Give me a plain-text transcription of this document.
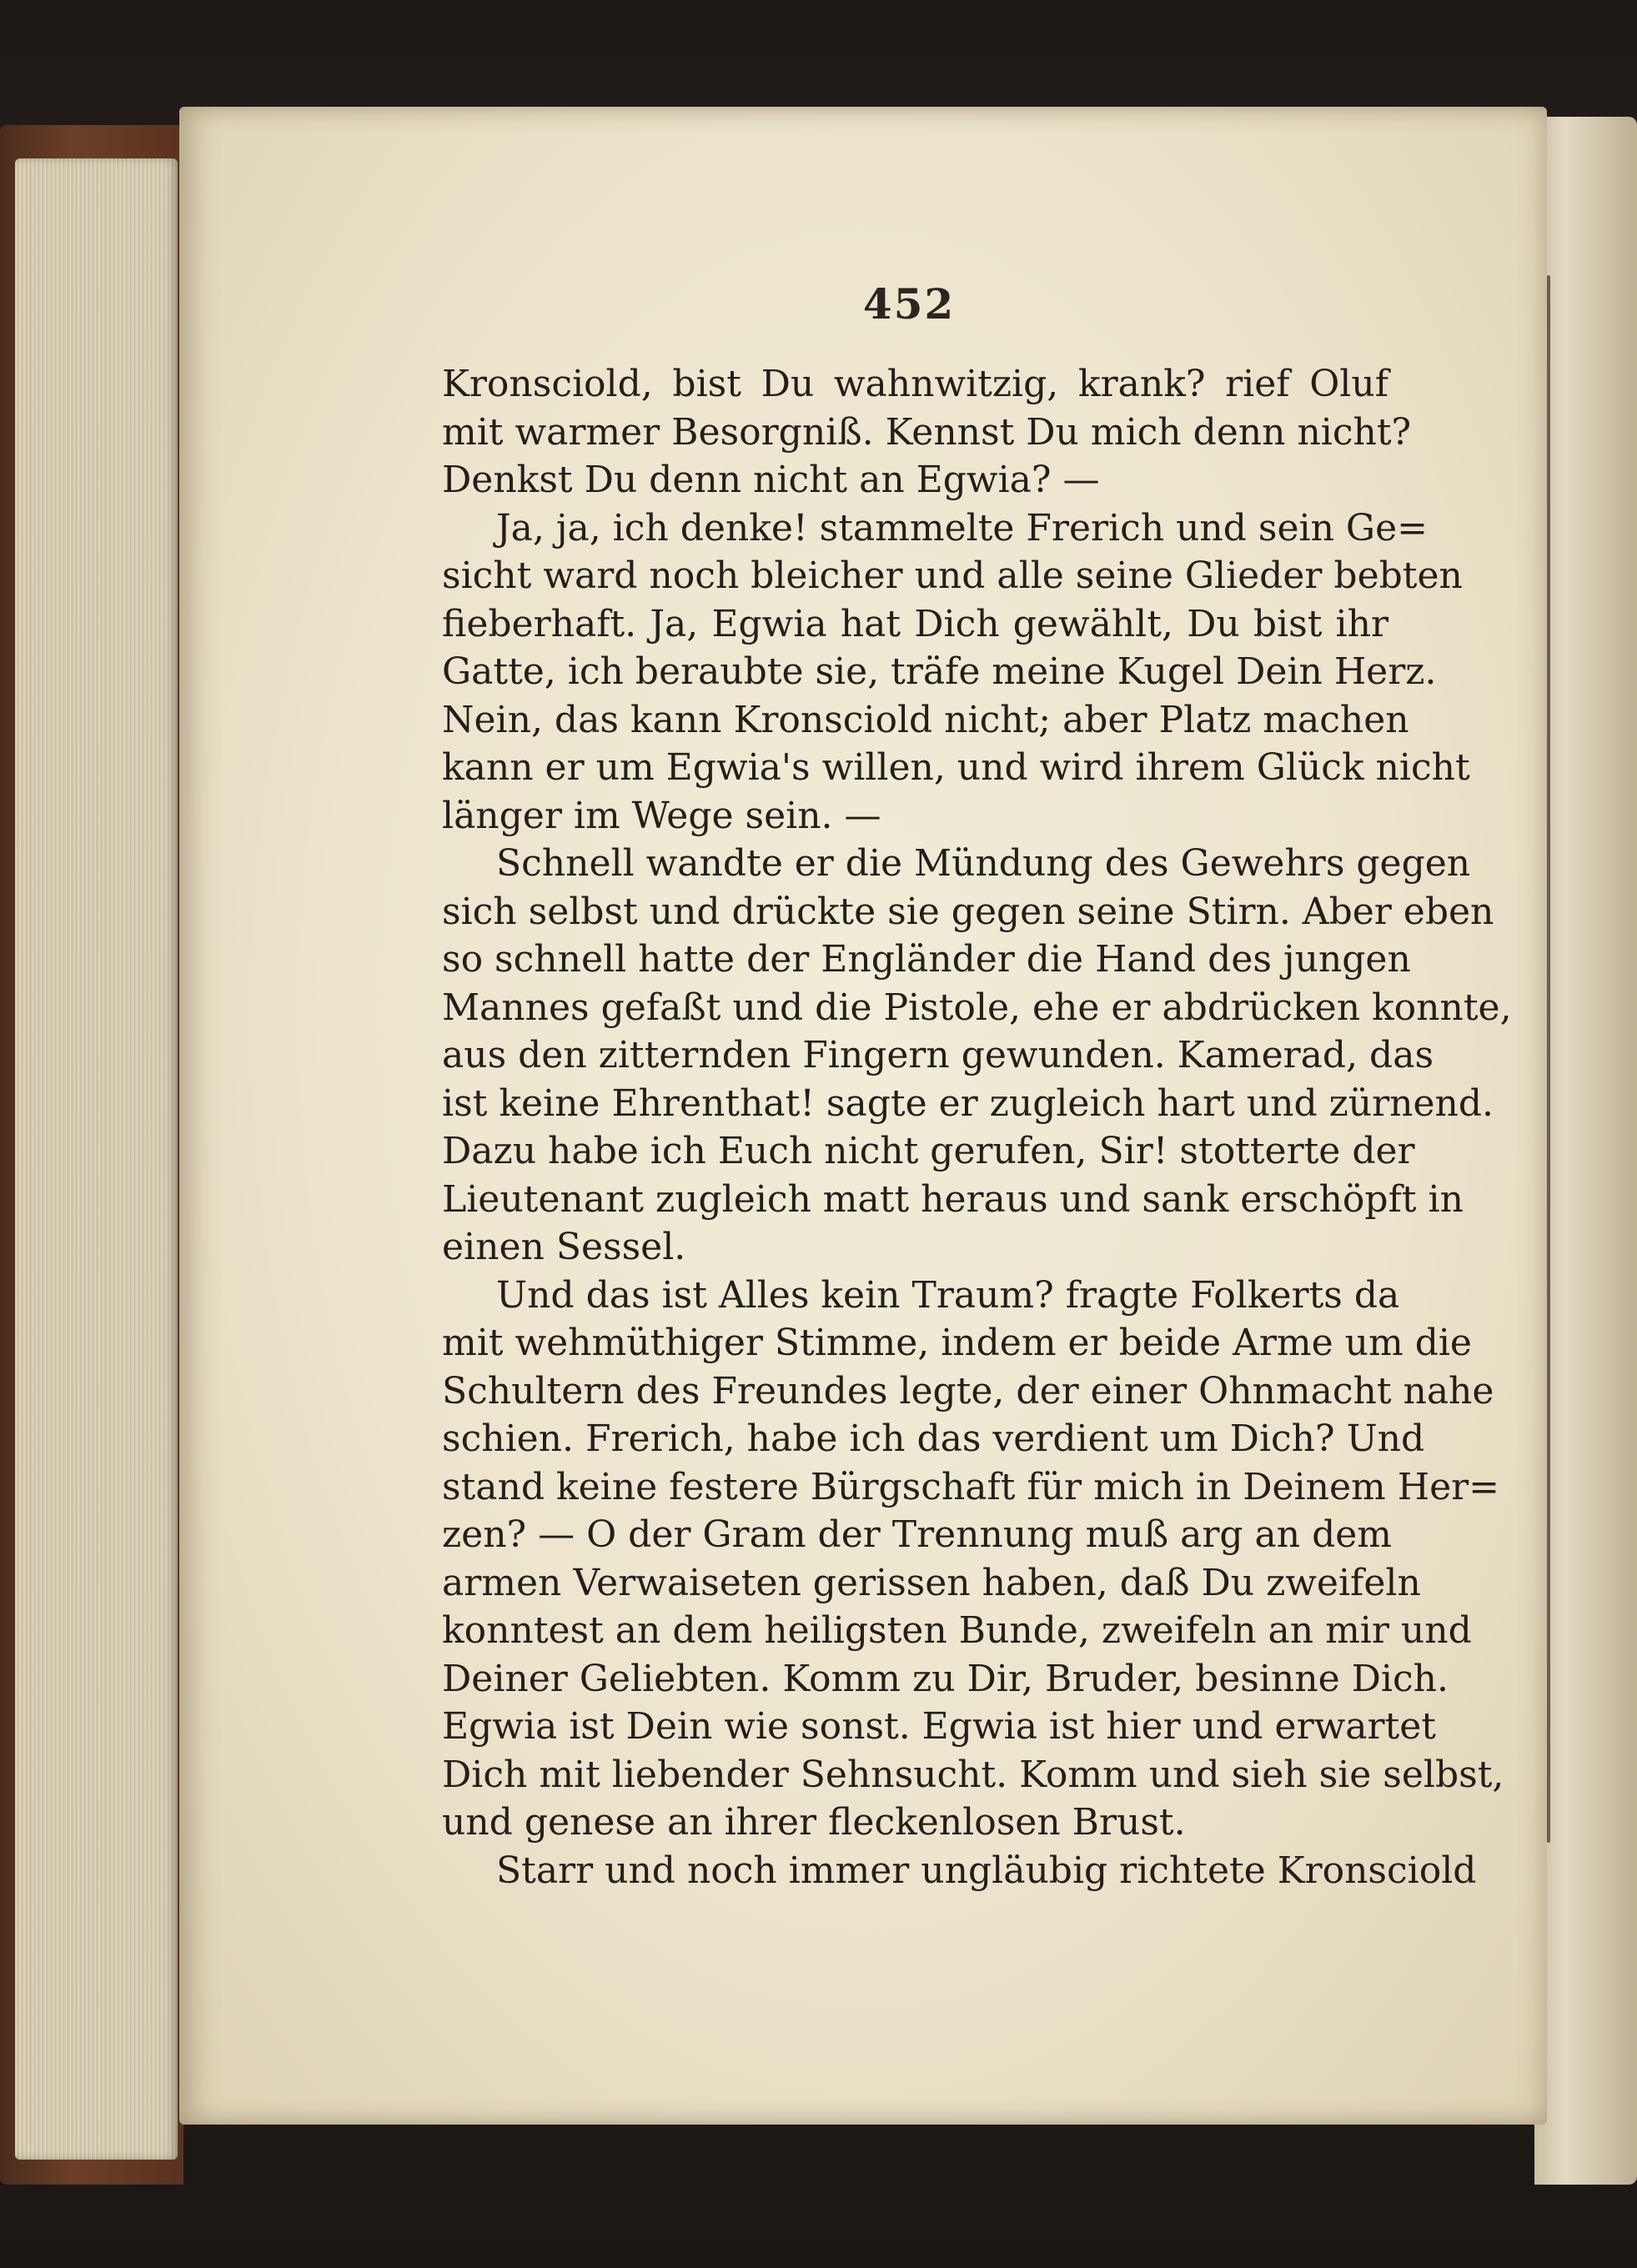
452
Kronsciold, bist Du wahnwitzig, krank? rief Oluf
mit warmer Besorgniß. Kennst Du mich denn nicht?
Denkst Du denn nicht an Egwia? —
Ja, ja, ich denke! stammelte Frerich und sein Ge=
sicht ward noch bleicher und alle seine Glieder bebten
fieberhaft. Ja, Egwia hat Dich gewählt, Du bist ihr
Gatte, ich beraubte sie, träfe meine Kugel Dein Herz.
Nein, das kann Kronsciold nicht; aber Platz machen
kann er um Egwia's willen, und wird ihrem Glück nicht
länger im Wege sein. —
Schnell wandte er die Mündung des Gewehrs gegen
sich selbst und drückte sie gegen seine Stirn. Aber eben
so schnell hatte der Engländer die Hand des jungen
Mannes gefaßt und die Pistole, ehe er abdrücken konnte,
aus den zitternden Fingern gewunden. Kamerad, das
ist keine Ehrenthat! sagte er zugleich hart und zürnend.
Dazu habe ich Euch nicht gerufen, Sir! stotterte der
Lieutenant zugleich matt heraus und sank erschöpft in
einen Sessel.
Und das ist Alles kein Traum? fragte Folkerts da
mit wehmüthiger Stimme, indem er beide Arme um die
Schultern des Freundes legte, der einer Ohnmacht nahe
schien. Frerich, habe ich das verdient um Dich? Und
stand keine festere Bürgschaft für mich in Deinem Her=
zen? — O der Gram der Trennung muß arg an dem
armen Verwaiseten gerissen haben, daß Du zweifeln
konntest an dem heiligsten Bunde, zweifeln an mir und
Deiner Geliebten. Komm zu Dir, Bruder, besinne Dich.
Egwia ist Dein wie sonst. Egwia ist hier und erwartet
Dich mit liebender Sehnsucht. Komm und sieh sie selbst,
und genese an ihrer fleckenlosen Brust.
Starr und noch immer ungläubig richtete Kronsciold
